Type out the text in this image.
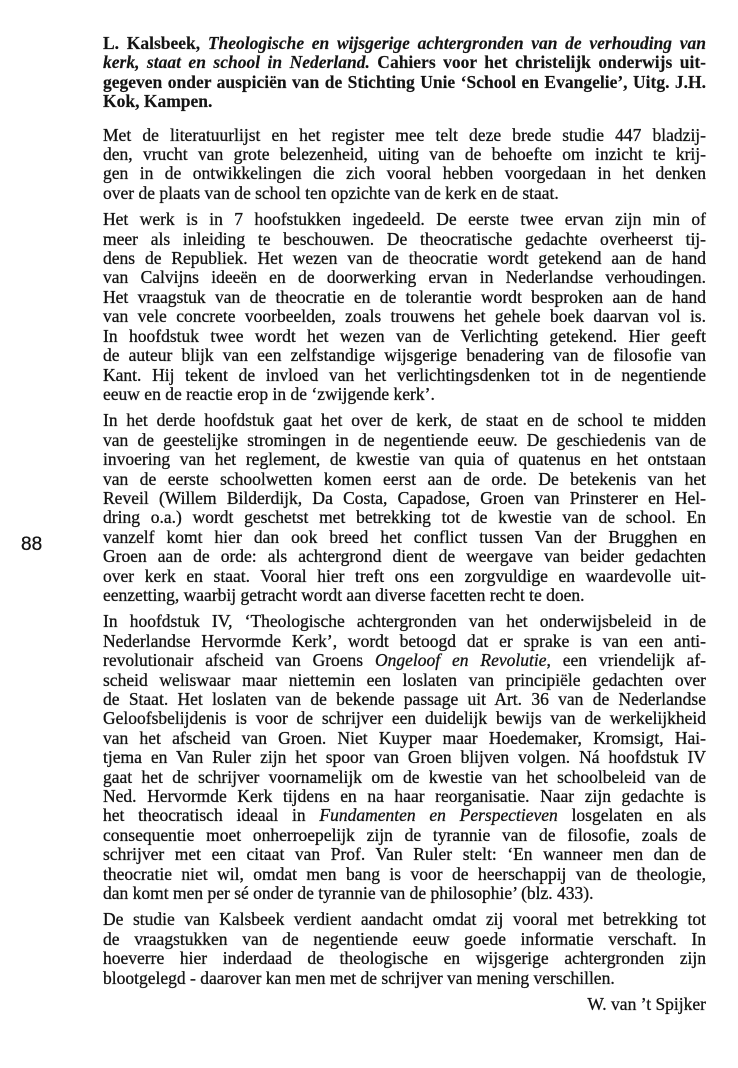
88
L. Kalsbeek, Theologische en wijsgerige achtergronden van de verhouding van
kerk, staat en school in Nederland. Cahiers voor het christelijk onderwijs uit-
gegeven onder auspiciën van de Stichting Unie ‘School en Evangelie’, Uitg. J.H.
Kok, Kampen.
Met de literatuurlijst en het register mee telt deze brede studie 447 bladzij-
den, vrucht van grote belezenheid, uiting van de behoefte om inzicht te krij-
gen in de ontwikkelingen die zich vooral hebben voorgedaan in het denken
over de plaats van de school ten opzichte van de kerk en de staat.
Het werk is in 7 hoofstukken ingedeeld. De eerste twee ervan zijn min of
meer als inleiding te beschouwen. De theocratische gedachte overheerst tij-
dens de Republiek. Het wezen van de theocratie wordt getekend aan de hand
van Calvijns ideeën en de doorwerking ervan in Nederlandse verhoudingen.
Het vraagstuk van de theocratie en de tolerantie wordt besproken aan de hand
van vele concrete voorbeelden, zoals trouwens het gehele boek daarvan vol is.
In hoofdstuk twee wordt het wezen van de Verlichting getekend. Hier geeft
de auteur blijk van een zelfstandige wijsgerige benadering van de filosofie van
Kant. Hij tekent de invloed van het verlichtingsdenken tot in de negentiende
eeuw en de reactie erop in de ‘zwijgende kerk’.
In het derde hoofdstuk gaat het over de kerk, de staat en de school te midden
van de geestelijke stromingen in de negentiende eeuw. De geschiedenis van de
invoering van het reglement, de kwestie van quia of quatenus en het ontstaan
van de eerste schoolwetten komen eerst aan de orde. De betekenis van het
Reveil (Willem Bilderdijk, Da Costa, Capadose, Groen van Prinsterer en Hel-
dring o.a.) wordt geschetst met betrekking tot de kwestie van de school. En
vanzelf komt hier dan ook breed het conflict tussen Van der Brugghen en
Groen aan de orde: als achtergrond dient de weergave van beider gedachten
over kerk en staat. Vooral hier treft ons een zorgvuldige en waardevolle uit-
eenzetting, waarbij getracht wordt aan diverse facetten recht te doen.
In hoofdstuk IV, ‘Theologische achtergronden van het onderwijsbeleid in de
Nederlandse Hervormde Kerk’, wordt betoogd dat er sprake is van een anti-
revolutionair afscheid van Groens Ongeloof en Revolutie, een vriendelijk af-
scheid weliswaar maar niettemin een loslaten van principiële gedachten over
de Staat. Het loslaten van de bekende passage uit Art. 36 van de Nederlandse
Geloofsbelijdenis is voor de schrijver een duidelijk bewijs van de werkelijkheid
van het afscheid van Groen. Niet Kuyper maar Hoedemaker, Kromsigt, Hai-
tjema en Van Ruler zijn het spoor van Groen blijven volgen. Ná hoofdstuk IV
gaat het de schrijver voornamelijk om de kwestie van het schoolbeleid van de
Ned. Hervormde Kerk tijdens en na haar reorganisatie. Naar zijn gedachte is
het theocratisch ideaal in Fundamenten en Perspectieven losgelaten en als
consequentie moet onherroepelijk zijn de tyrannie van de filosofie, zoals de
schrijver met een citaat van Prof. Van Ruler stelt: ‘En wanneer men dan de
theocratie niet wil, omdat men bang is voor de heerschappij van de theologie,
dan komt men per sé onder de tyrannie van de philosophie’ (blz. 433).
De studie van Kalsbeek verdient aandacht omdat zij vooral met betrekking tot
de vraagstukken van de negentiende eeuw goede informatie verschaft. In
hoeverre hier inderdaad de theologische en wijsgerige achtergronden zijn
blootgelegd - daarover kan men met de schrijver van mening verschillen.
W. van ’t Spijker
